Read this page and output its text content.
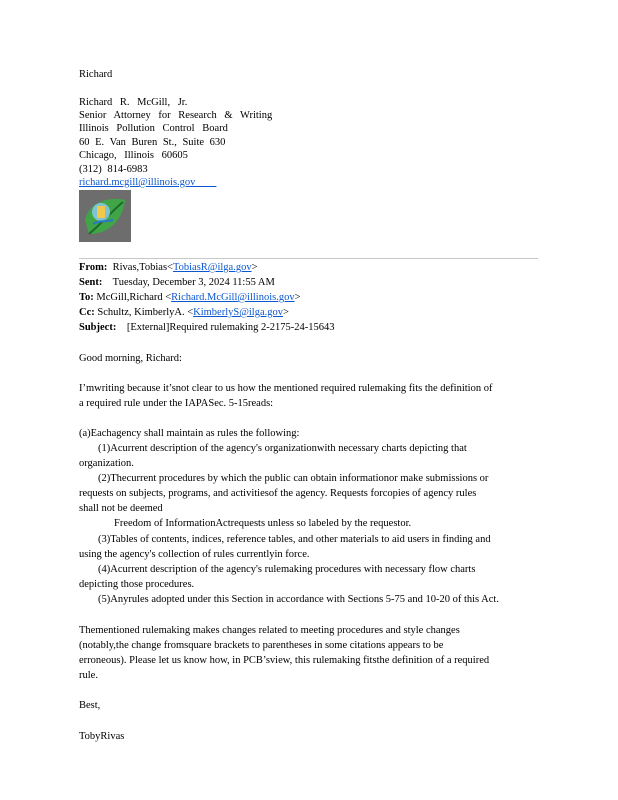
Richard
Richard R. McGill, Jr.
Senior Attorney for Research & Writing
Illinois Pollution Control Board
60 E. Van Buren St., Suite 630
Chicago, Illinois 60605
(312) 814-6983
richard.mcgill@illinois.gov
From: Rivas,Tobias<TobiasR@ilga.gov>
Sent: Tuesday, December 3, 2024 11:55 AM
To: McGill,Richard <Richard.McGill@illinois.gov>
Cc: Schultz, KimberlyA. <KimberlyS@ilga.gov>
Subject: [External]Required rulemaking 2-2175-24-15643
Good morning, Richard:
I’mwriting because it’snot clear to us how the mentioned required rulemaking fits the definition of
a required rule under the IAPASec. 5-15reads:
(a)Eachagency shall maintain as rules the following:
(1)Acurrent description of the agency's organizationwith necessary charts depicting that
organization.
(2)Thecurrent procedures by which the public can obtain informationor make submissions or
requests on subjects, programs, and activitiesof the agency. Requests forcopies of agency rules
shall not be deemed
Freedom of InformationActrequests unless so labeled by the requestor.
(3)Tables of contents, indices, reference tables, and other materials to aid users in finding and
using the agency's collection of rules currentlyin force.
(4)Acurrent description of the agency's rulemaking procedures with necessary flow charts
depicting those procedures.
(5)Anyrules adopted under this Section in accordance with Sections 5-75 and 10-20 of this Act.
Thementioned rulemaking makes changes related to meeting procedures and style changes
(notably,the change fromsquare brackets to parentheses in some citations appears to be
erroneous). Please let us know how, in PCB’sview, this rulemaking fitsthe definition of a required
rule.
Best,
TobyRivas
